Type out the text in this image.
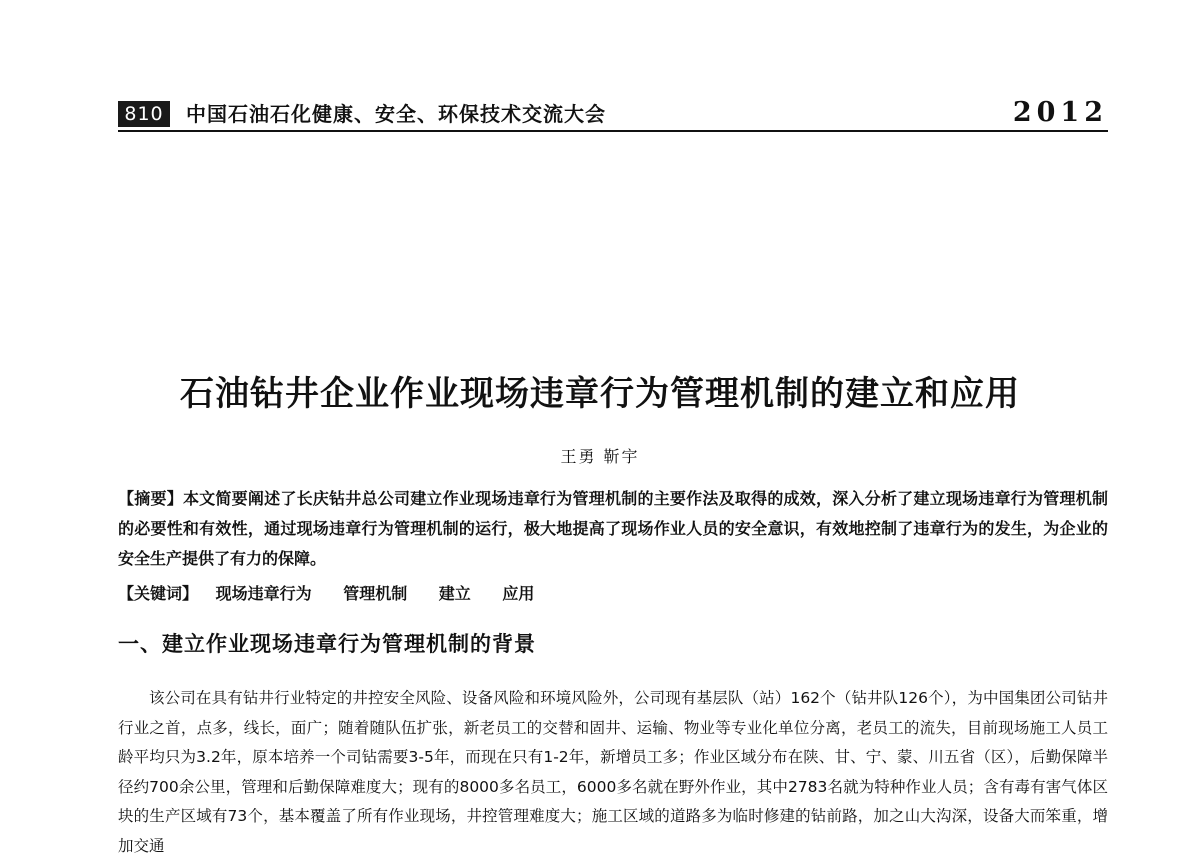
810	中国石油石化健康、安全、环保技术交流大会	2012
石油钻井企业作业现场违章行为管理机制的建立和应用
王勇 靳宇
【摘要】本文简要阐述了长庆钻井总公司建立作业现场违章行为管理机制的主要作法及取得的成效，深入分析了建立现场违章行为管理机制的必要性和有效性，通过现场违章行为管理机制的运行，极大地提高了现场作业人员的安全意识，有效地控制了违章行为的发生，为企业的安全生产提供了有力的保障。
【关键词】 现场违章行为 管理机制 建立 应用
一、建立作业现场违章行为管理机制的背景
该公司在具有钻井行业特定的井控安全风险、设备风险和环境风险外，公司现有基层队（站）162个（钻井队126个），为中国集团公司钻井行业之首，点多，线长，面广；随着随队伍扩张，新老员工的交替和固井、运输、物业等专业化单位分离，老员工的流失，目前现场施工人员工龄平均只为3.2年，原本培养一个司钻需要3-5年，而现在只有1-2年，新增员工多；作业区域分布在陕、甘、宁、蒙、川五省（区），后勤保障半径约700余公里，管理和后勤保障难度大；现有的8000多名员工，6000多名就在野外作业，其中2783名就为特种作业人员；含有毒有害气体区块的生产区域有73个，基本覆盖了所有作业现场，井控管理难度大；施工区域的道路多为临时修建的钻前路，加之山大沟深，设备大而笨重，增加交通
